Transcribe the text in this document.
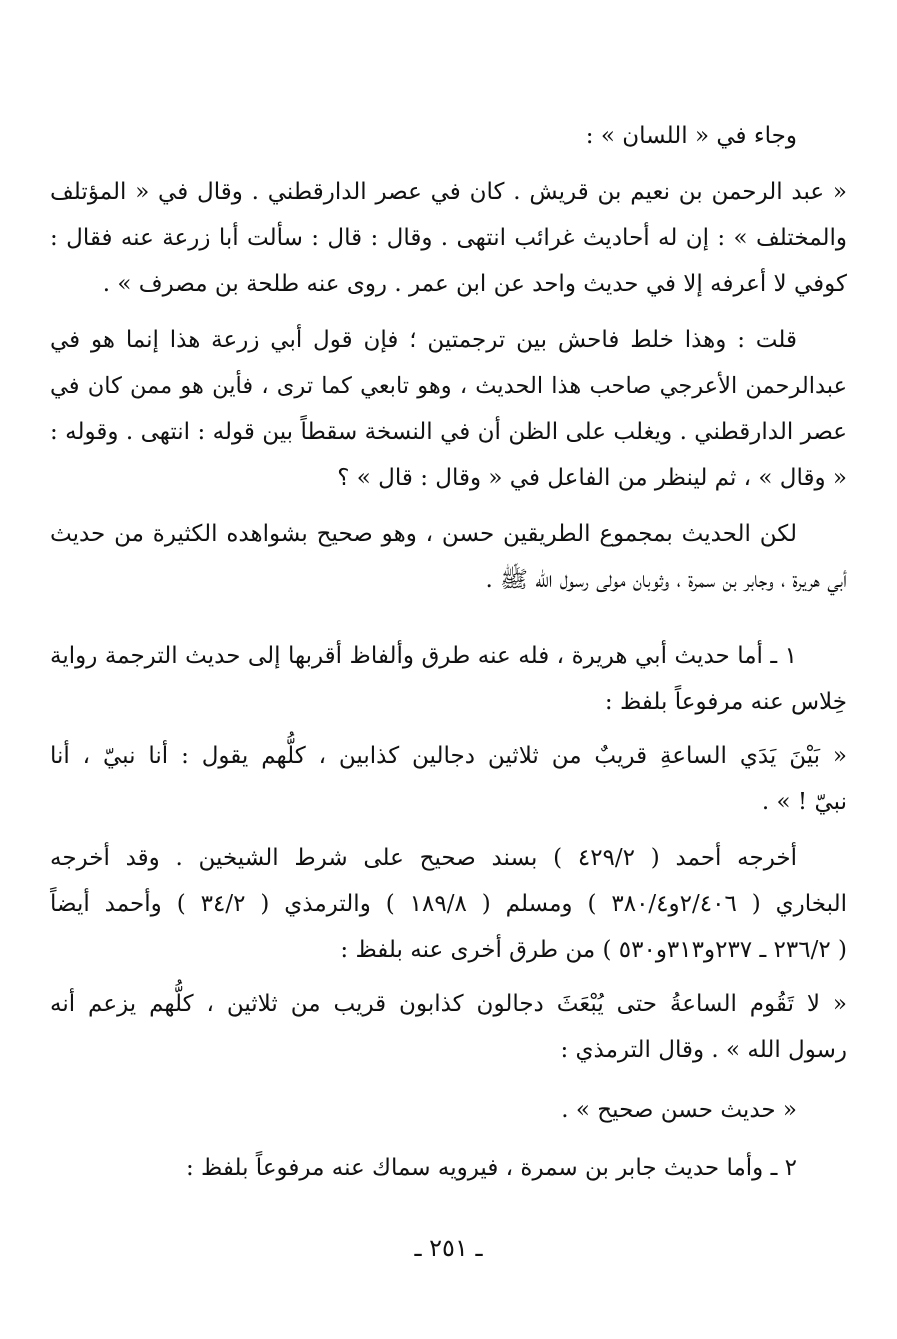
وجاء في « اللسان » :
« عبد الرحمن بن نعيم بن قريش . كان في عصر الدارقطني . وقال في « المؤتلف
والمختلف » : إن له أحاديث غرائب انتهى . وقال : قال : سألت أبا زرعة عنه فقال :
كوفي لا أعرفه إلا في حديث واحد عن ابن عمر . روى عنه طلحة بن مصرف » .
قلت : وهذا خلط فاحش بين ترجمتين ؛ فإن قول أبي زرعة هذا إنما هو في
عبدالرحمن الأعرجي صاحب هذا الحديث ، وهو تابعي كما ترى ، فأين هو ممن كان في
عصر الدارقطني . ويغلب على الظن أن في النسخة سقطاً بين قوله : انتهى . وقوله :
« وقال » ، ثم لينظر من الفاعل في « وقال : قال » ؟
لكن الحديث بمجموع الطريقين حسن ، وهو صحيح بشواهده الكثيرة من حديث
أبي هريرة ، وجابر بن سمرة ، وثوبان مولى رسول الله ﷺ .
١ ـ أما حديث أبي هريرة ، فله عنه طرق وألفاظ أقربها إلى حديث الترجمة رواية
خِلاس عنه مرفوعاً بلفظ :
« بَيْنَ يَدَي الساعةِ قريبٌ من ثلاثين دجالين كذابين ، كلُّهم يقول : أنا نبيّ ، أنا
نبيّ ! » .
أخرجه أحمد ( ٤٢٩/٢ ) بسند صحيح على شرط الشيخين . وقد أخرجه
البخاري ( ٢/٤٠٦و٣٨٠/٤ ) ومسلم ( ١٨٩/٨ ) والترمذي ( ٣٤/٢ ) وأحمد أيضاً
( ٢٣٦/٢ ـ ٢٣٧و٣١٣و٥٣٠ ) من طرق أخرى عنه بلفظ :
« لا تَقُوم الساعةُ حتى يُبْعَثَ دجالون كذابون قريب من ثلاثين ، كلُّهم يزعم أنه
رسول الله » . وقال الترمذي :
« حديث حسن صحيح » .
٢ ـ وأما حديث جابر بن سمرة ، فيرويه سماك عنه مرفوعاً بلفظ :
ـ ٢٥١ ـ
